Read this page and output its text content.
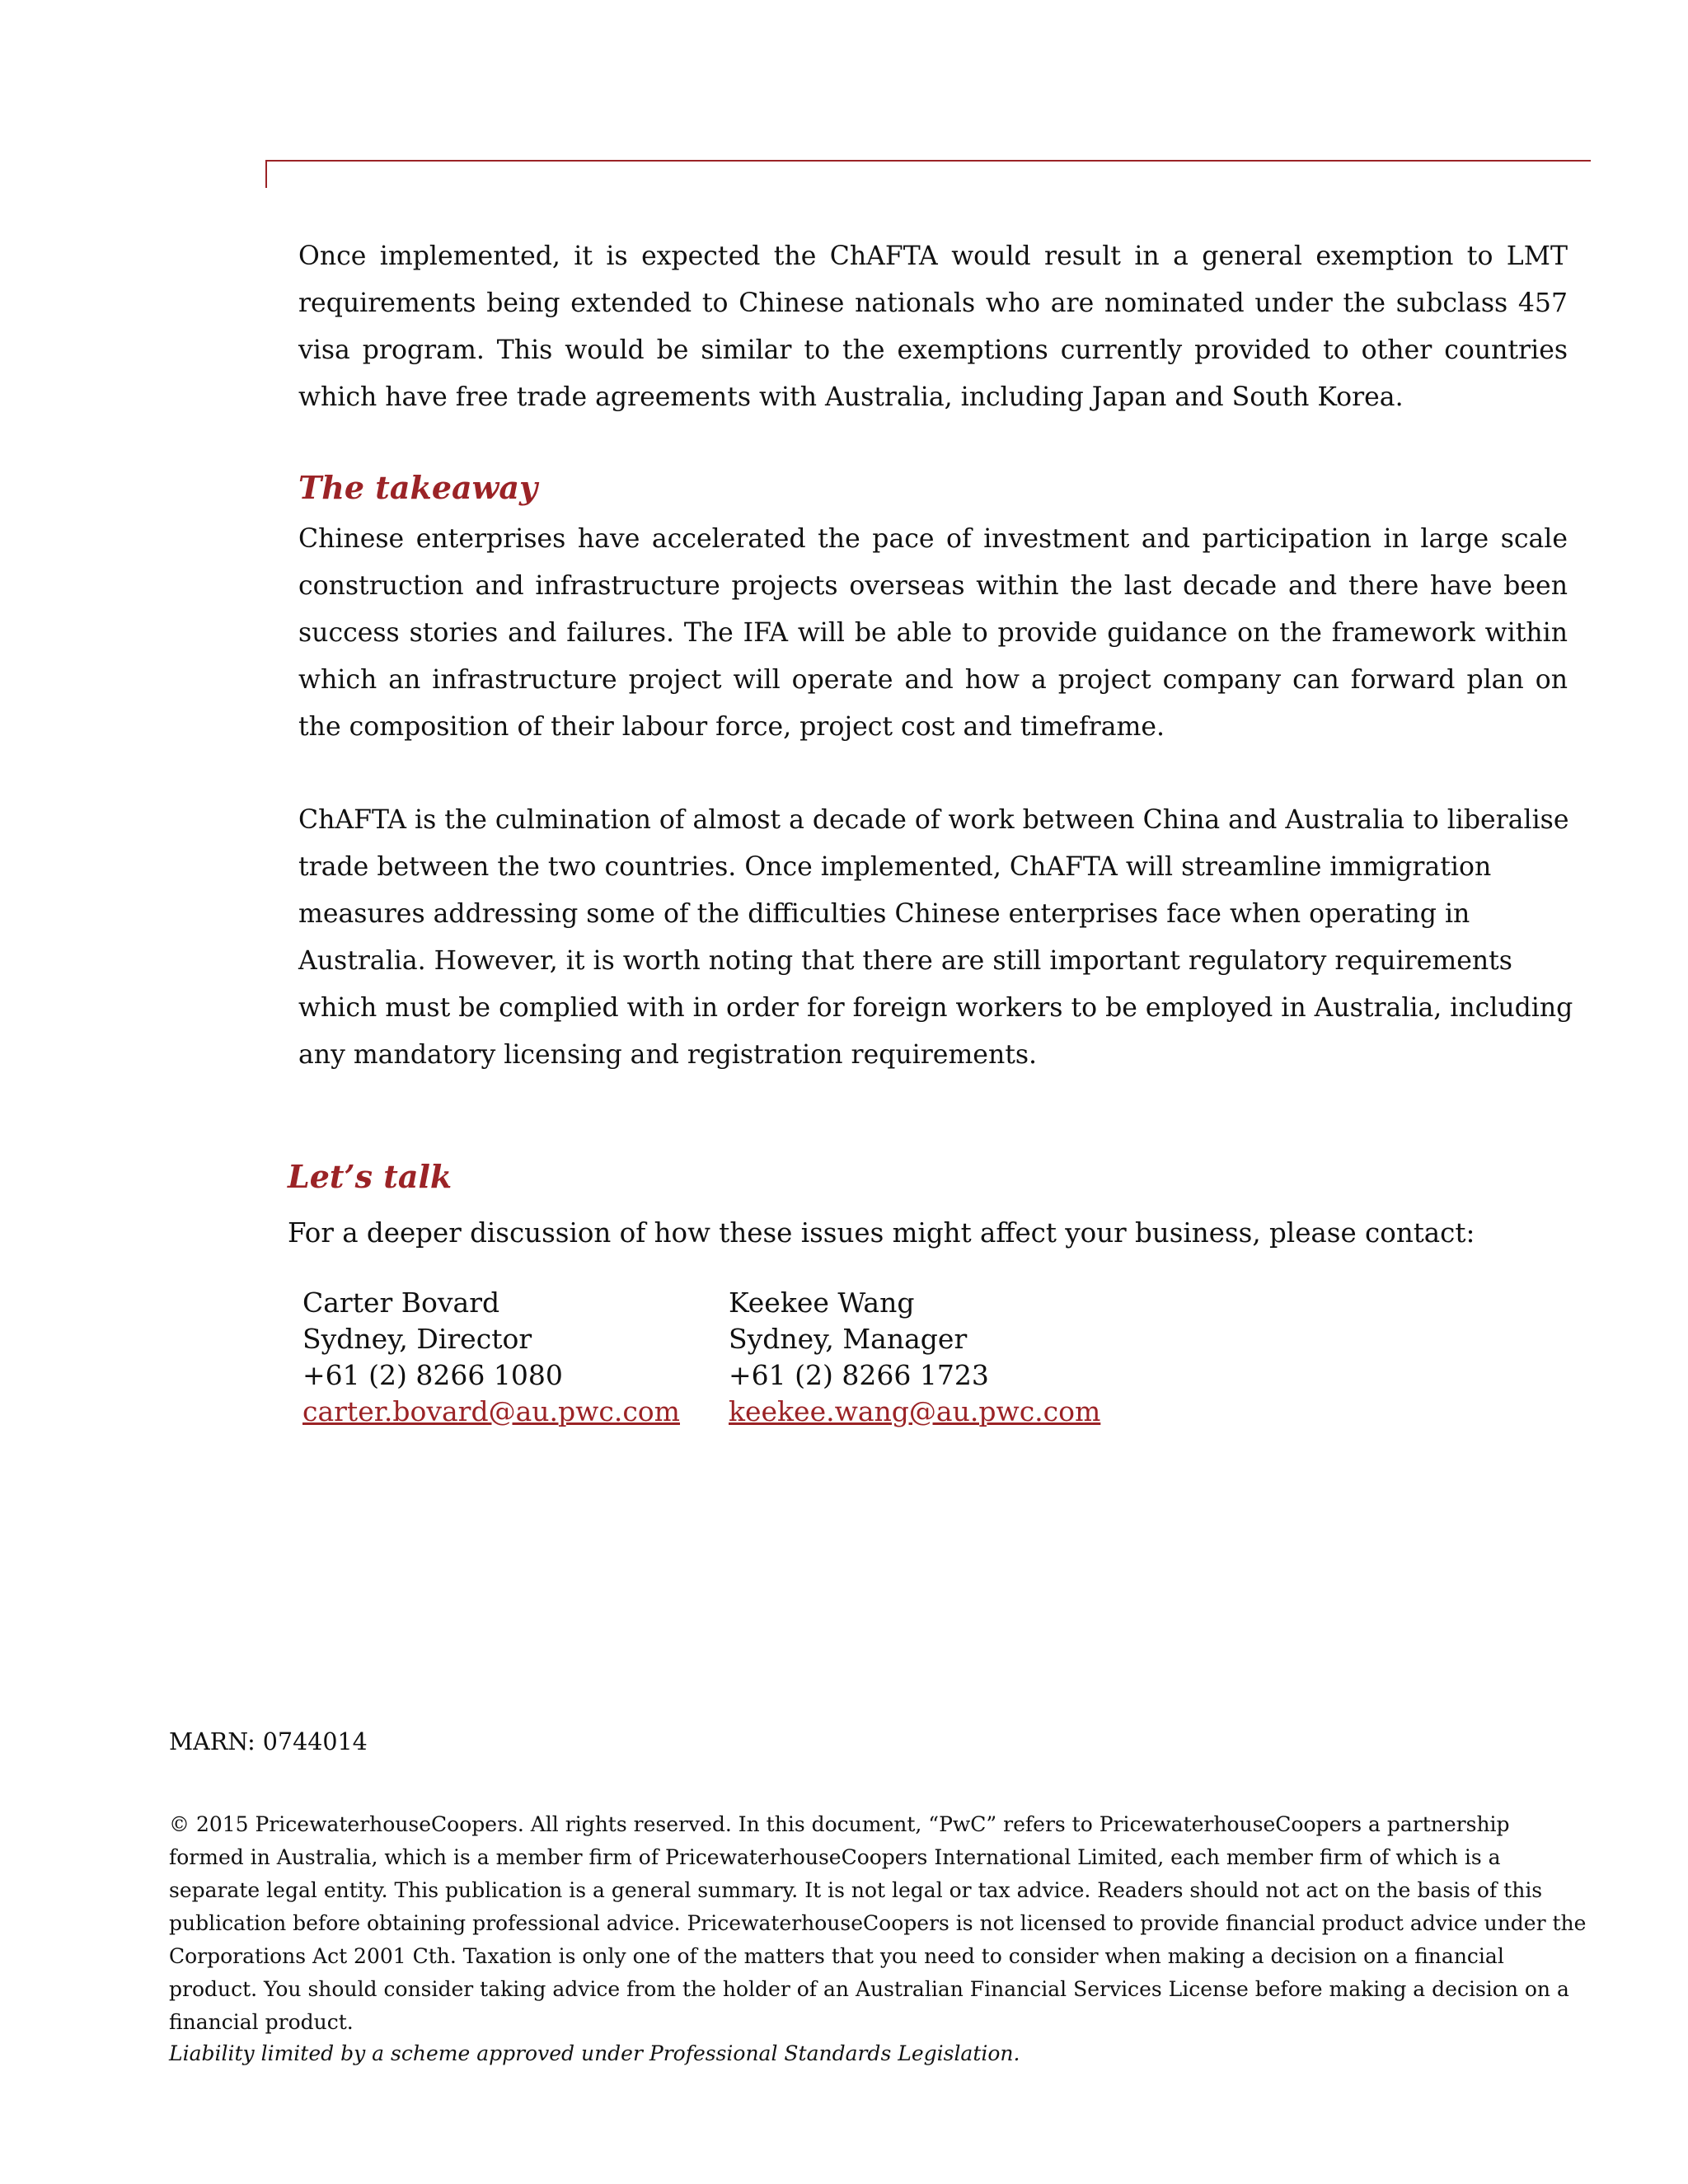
Once implemented, it is expected the ChAFTA would result in a general exemption to LMT requirements being extended to Chinese nationals who are nominated under the subclass 457 visa program. This would be similar to the exemptions currently provided to other countries which have free trade agreements with Australia, including Japan and South Korea.

The takeaway

Chinese enterprises have accelerated the pace of investment and participation in large scale construction and infrastructure projects overseas within the last decade and there have been success stories and failures. The IFA will be able to provide guidance on the framework within which an infrastructure project will operate and how a project company can forward plan on the composition of their labour force, project cost and timeframe.

ChAFTA is the culmination of almost a decade of work between China and Australia to liberalise trade between the two countries. Once implemented, ChAFTA will streamline immigration measures addressing some of the difficulties Chinese enterprises face when operating in Australia. However, it is worth noting that there are still important regulatory requirements which must be complied with in order for foreign workers to be employed in Australia, including any mandatory licensing and registration requirements.

Let’s talk

For a deeper discussion of how these issues might affect your business, please contact:

Carter Bovard
Sydney, Director
+61 (2) 8266 1080
carter.bovard@au.pwc.com
Keekee Wang
Sydney, Manager
+61 (2) 8266 1723
keekee.wang@au.pwc.com

MARN: 0744014

© 2015 PricewaterhouseCoopers. All rights reserved. In this document, “PwC” refers to PricewaterhouseCoopers a partnership formed in Australia, which is a member firm of PricewaterhouseCoopers International Limited, each member firm of which is a separate legal entity. This publication is a general summary. It is not legal or tax advice. Readers should not act on the basis of this publication before obtaining professional advice. PricewaterhouseCoopers is not licensed to provide financial product advice under the Corporations Act 2001 Cth. Taxation is only one of the matters that you need to consider when making a decision on a financial product. You should consider taking advice from the holder of an Australian Financial Services License before making a decision on a financial product.

Liability limited by a scheme approved under Professional Standards Legislation.
